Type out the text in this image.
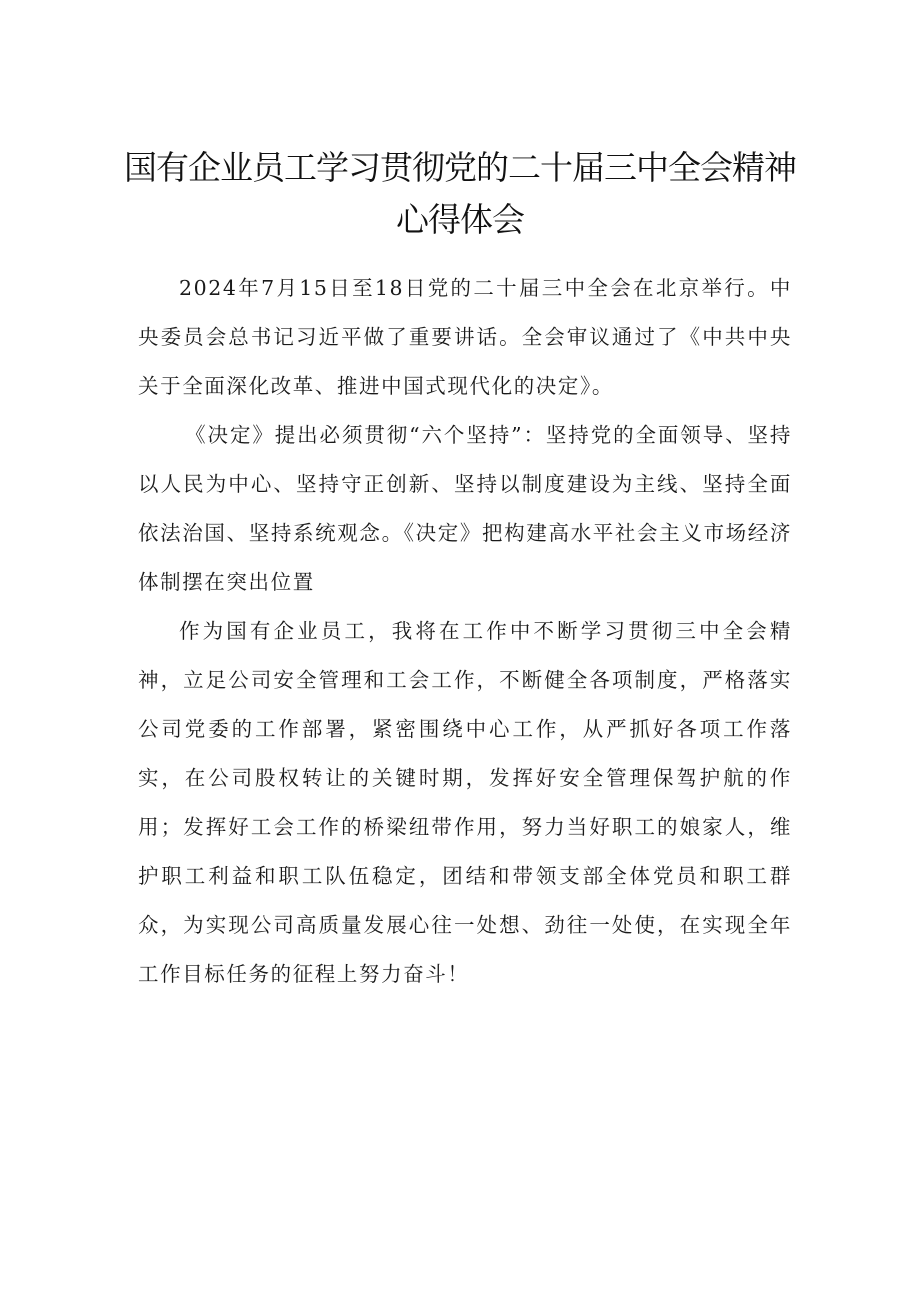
国有企业员工学习贯彻党的二十届三中全会精神心得体会

2024年7月15日至18日党的二十届三中全会在北京举行。中央委员会总书记习近平做了重要讲话。全会审议通过了《中共中央关于全面深化改革、推进中国式现代化的决定》。

《决定》提出必须贯彻“六个坚持”：坚持党的全面领导、坚持以人民为中心、坚持守正创新、坚持以制度建设为主线、坚持全面依法治国、坚持系统观念。《决定》把构建高水平社会主义市场经济体制摆在突出位置

作为国有企业员工，我将在工作中不断学习贯彻三中全会精神，立足公司安全管理和工会工作，不断健全各项制度，严格落实公司党委的工作部署，紧密围绕中心工作，从严抓好各项工作落实，在公司股权转让的关键时期，发挥好安全管理保驾护航的作用；发挥好工会工作的桥梁纽带作用，努力当好职工的娘家人，维护职工利益和职工队伍稳定，团结和带领支部全体党员和职工群众，为实现公司高质量发展心往一处想、劲往一处使，在实现全年工作目标任务的征程上努力奋斗！
